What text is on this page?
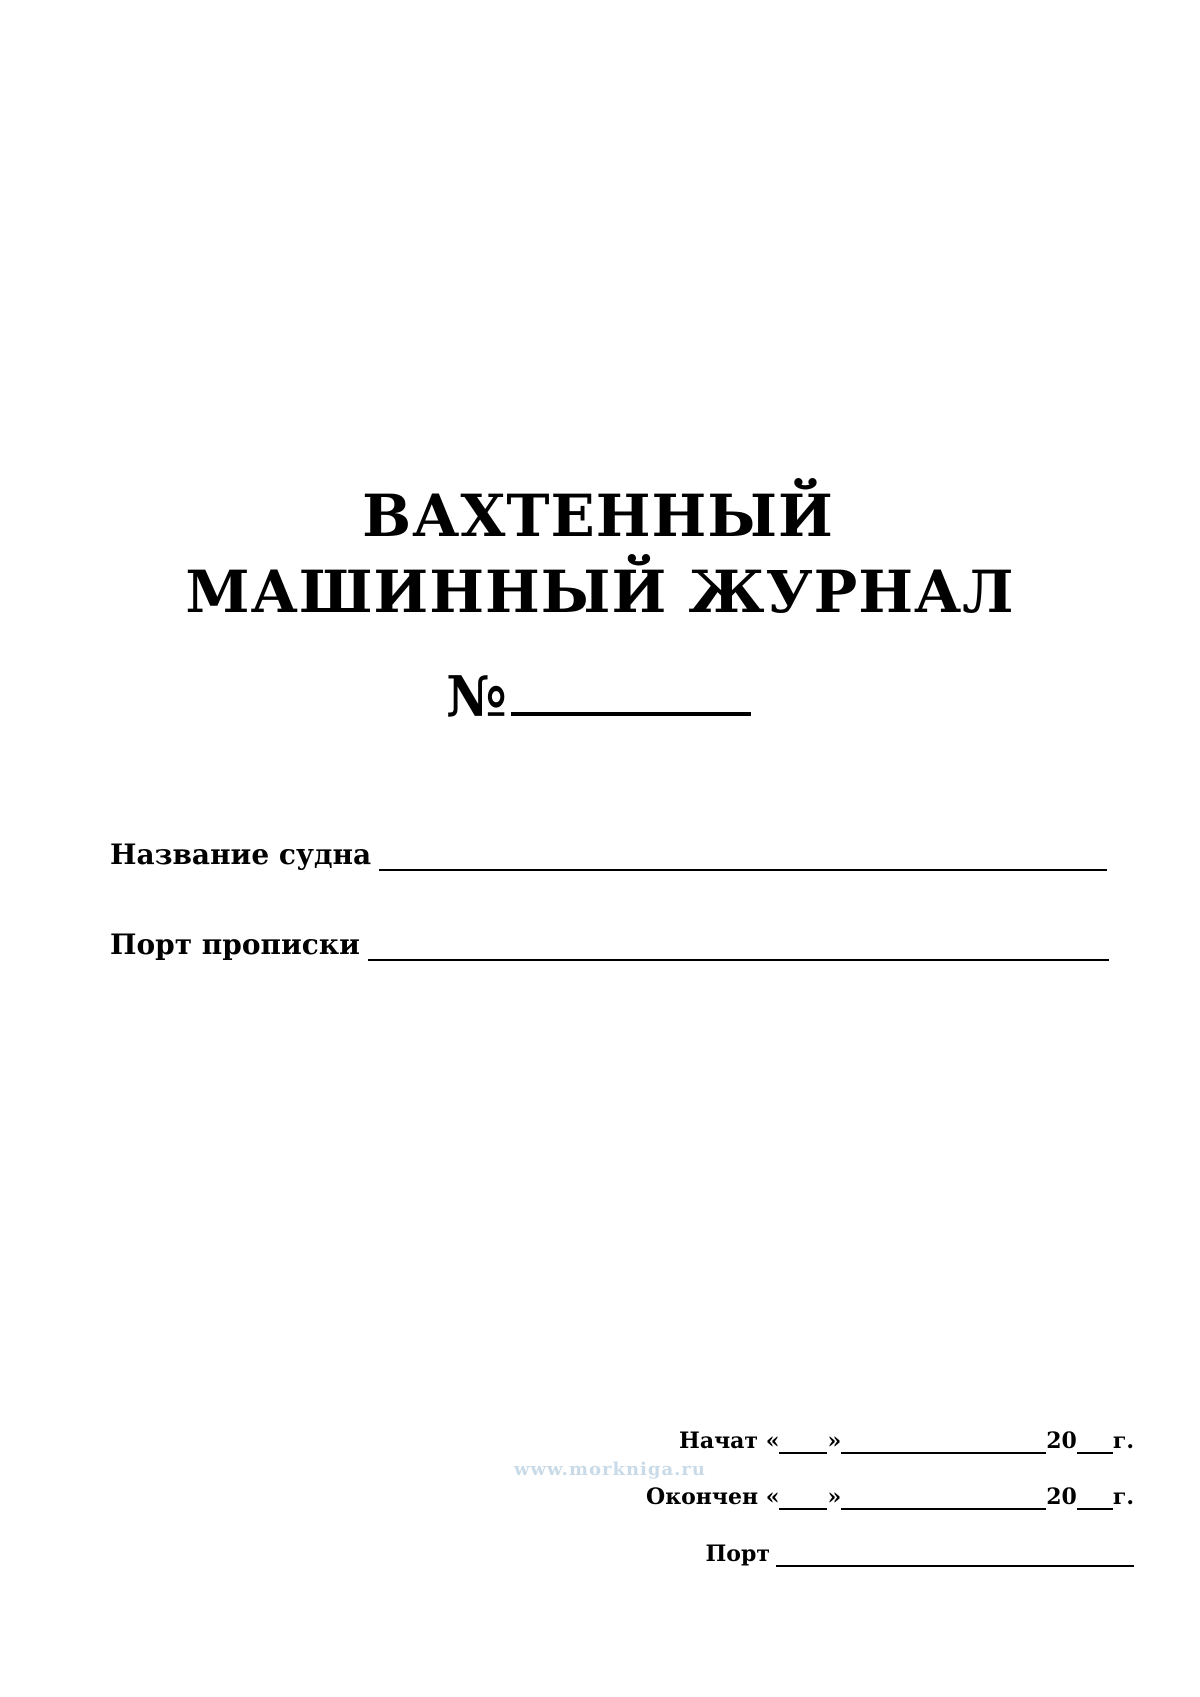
ВАХТЕННЫЙ
МАШИННЫЙ ЖУРНАЛ
№
Название судна
Порт прописки
Начат « »	20 г.
www.morkniga.ru
Окончен « »	20 г.
Порт
